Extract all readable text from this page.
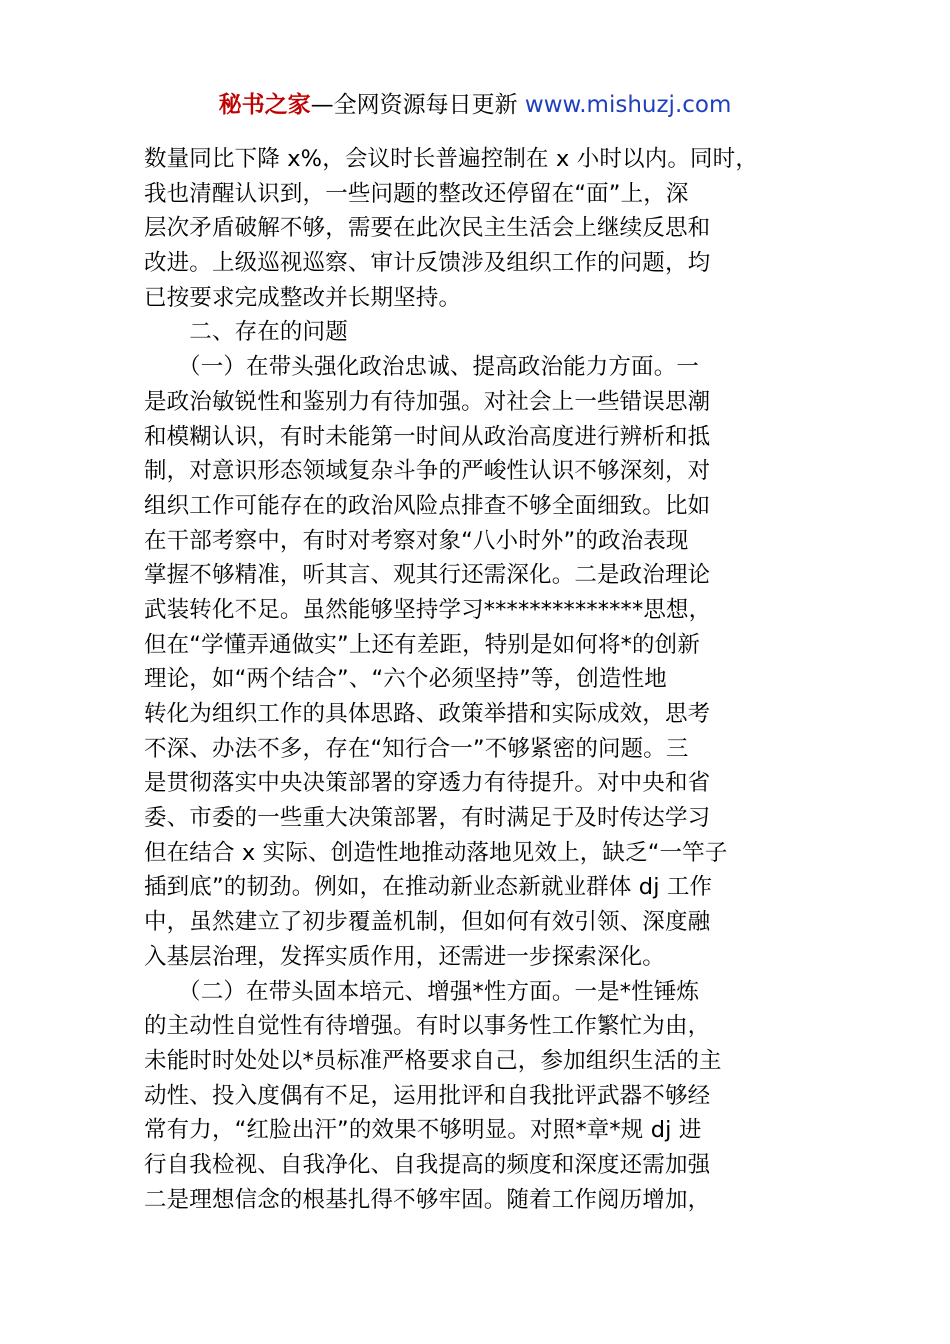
秘书之家—全网资源每日更新 www.mishuzj.com
数量同比下降 x%，会议时长普遍控制在 x 小时以内。同时，
我也清醒认识到，一些问题的整改还停留在“面”上，深
层次矛盾破解不够，需要在此次民主生活会上继续反思和
改进。上级巡视巡察、审计反馈涉及组织工作的问题，均
已按要求完成整改并长期坚持。
　　二、存在的问题
　　（一）在带头强化政治忠诚、提高政治能力方面。一
是政治敏锐性和鉴别力有待加强。对社会上一些错误思潮
和模糊认识，有时未能第一时间从政治高度进行辨析和抵
制，对意识形态领域复杂斗争的严峻性认识不够深刻，对
组织工作可能存在的政治风险点排查不够全面细致。比如
在干部考察中，有时对考察对象“八小时外”的政治表现
掌握不够精准，听其言、观其行还需深化。二是政治理论
武装转化不足。虽然能够坚持学习**************思想，
但在“学懂弄通做实”上还有差距，特别是如何将*的创新
理论，如“两个结合”、“六个必须坚持”等，创造性地
转化为组织工作的具体思路、政策举措和实际成效，思考
不深、办法不多，存在“知行合一”不够紧密的问题。三
是贯彻落实中央决策部署的穿透力有待提升。对中央和省
委、市委的一些重大决策部署，有时满足于及时传达学习
但在结合 x 实际、创造性地推动落地见效上，缺乏“一竿子
插到底”的韧劲。例如，在推动新业态新就业群体 dj 工作
中，虽然建立了初步覆盖机制，但如何有效引领、深度融
入基层治理，发挥实质作用，还需进一步探索深化。
　　（二）在带头固本培元、增强*性方面。一是*性锤炼
的主动性自觉性有待增强。有时以事务性工作繁忙为由，
未能时时处处以*员标准严格要求自己，参加组织生活的主
动性、投入度偶有不足，运用批评和自我批评武器不够经
常有力，“红脸出汗”的效果不够明显。对照*章*规 dj 进
行自我检视、自我净化、自我提高的频度和深度还需加强
二是理想信念的根基扎得不够牢固。随着工作阅历增加，
